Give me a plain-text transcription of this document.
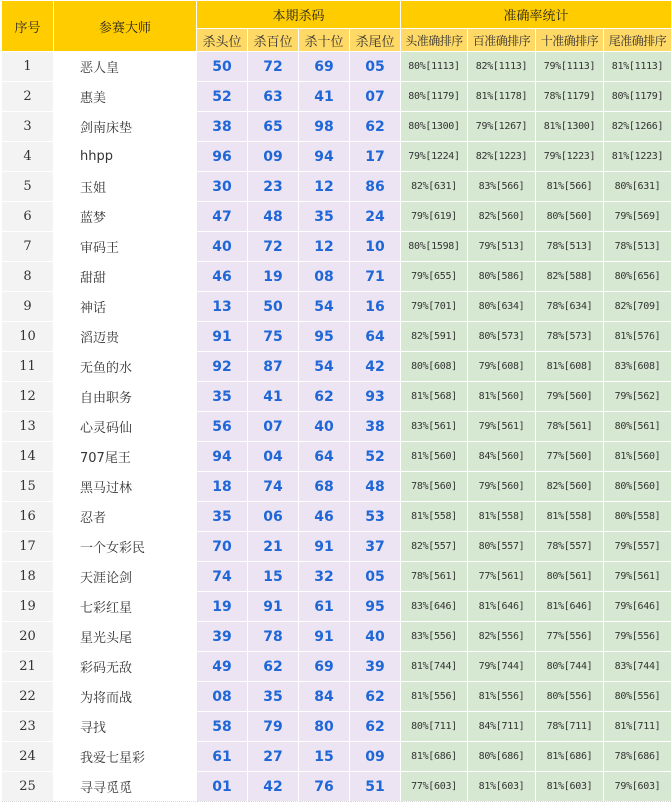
序号	参赛大师	本期杀码				准确率统计			
		杀头位	杀百位	杀十位	杀尾位	头准确排序	百准确排序	十准确排序	尾准确排序
1	恶人皇	50	72	69	05	80%[1113]	82%[1113]	79%[1113]	81%[1113]
2	惠美	52	63	41	07	80%[1179]	81%[1178]	78%[1179]	80%[1179]
3	剑南床垫	38	65	98	62	80%[1300]	79%[1267]	81%[1300]	82%[1266]
4	hhpp	96	09	94	17	79%[1224]	82%[1223]	79%[1223]	81%[1223]
5	玉姐	30	23	12	86	82%[631]	83%[566]	81%[566]	80%[631]
6	蓝梦	47	48	35	24	79%[619]	82%[560]	80%[560]	79%[569]
7	审码王	40	72	12	10	80%[1598]	79%[513]	78%[513]	78%[513]
8	甜甜	46	19	08	71	79%[655]	80%[586]	82%[588]	80%[656]
9	神话	13	50	54	16	79%[701]	80%[634]	78%[634]	82%[709]
10	滔迈贵	91	75	95	64	82%[591]	80%[573]	78%[573]	81%[576]
11	无鱼的水	92	87	54	42	80%[608]	79%[608]	81%[608]	83%[608]
12	自由职务	35	41	62	93	81%[568]	81%[560]	79%[560]	79%[562]
13	心灵码仙	56	07	40	38	83%[561]	79%[561]	78%[561]	80%[561]
14	707尾王	94	04	64	52	81%[560]	84%[560]	77%[560]	81%[560]
15	黑马过林	18	74	68	48	78%[560]	79%[560]	82%[560]	80%[560]
16	忍者	35	06	46	53	81%[558]	81%[558]	81%[558]	80%[558]
17	一个女彩民	70	21	91	37	82%[557]	80%[557]	78%[557]	79%[557]
18	天涯论剑	74	15	32	05	78%[561]	77%[561]	80%[561]	79%[561]
19	七彩红星	19	91	61	95	83%[646]	81%[646]	81%[646]	79%[646]
20	星光头尾	39	78	91	40	83%[556]	82%[556]	77%[556]	79%[556]
21	彩码无敌	49	62	69	39	81%[744]	79%[744]	80%[744]	83%[744]
22	为将而战	08	35	84	62	81%[556]	81%[556]	80%[556]	80%[556]
23	寻找	58	79	80	62	80%[711]	84%[711]	78%[711]	81%[711]
24	我爱七星彩	61	27	15	09	81%[686]	80%[686]	81%[686]	78%[686]
25	寻寻觅觅	01	42	76	51	77%[603]	81%[603]	81%[603]	79%[603]
